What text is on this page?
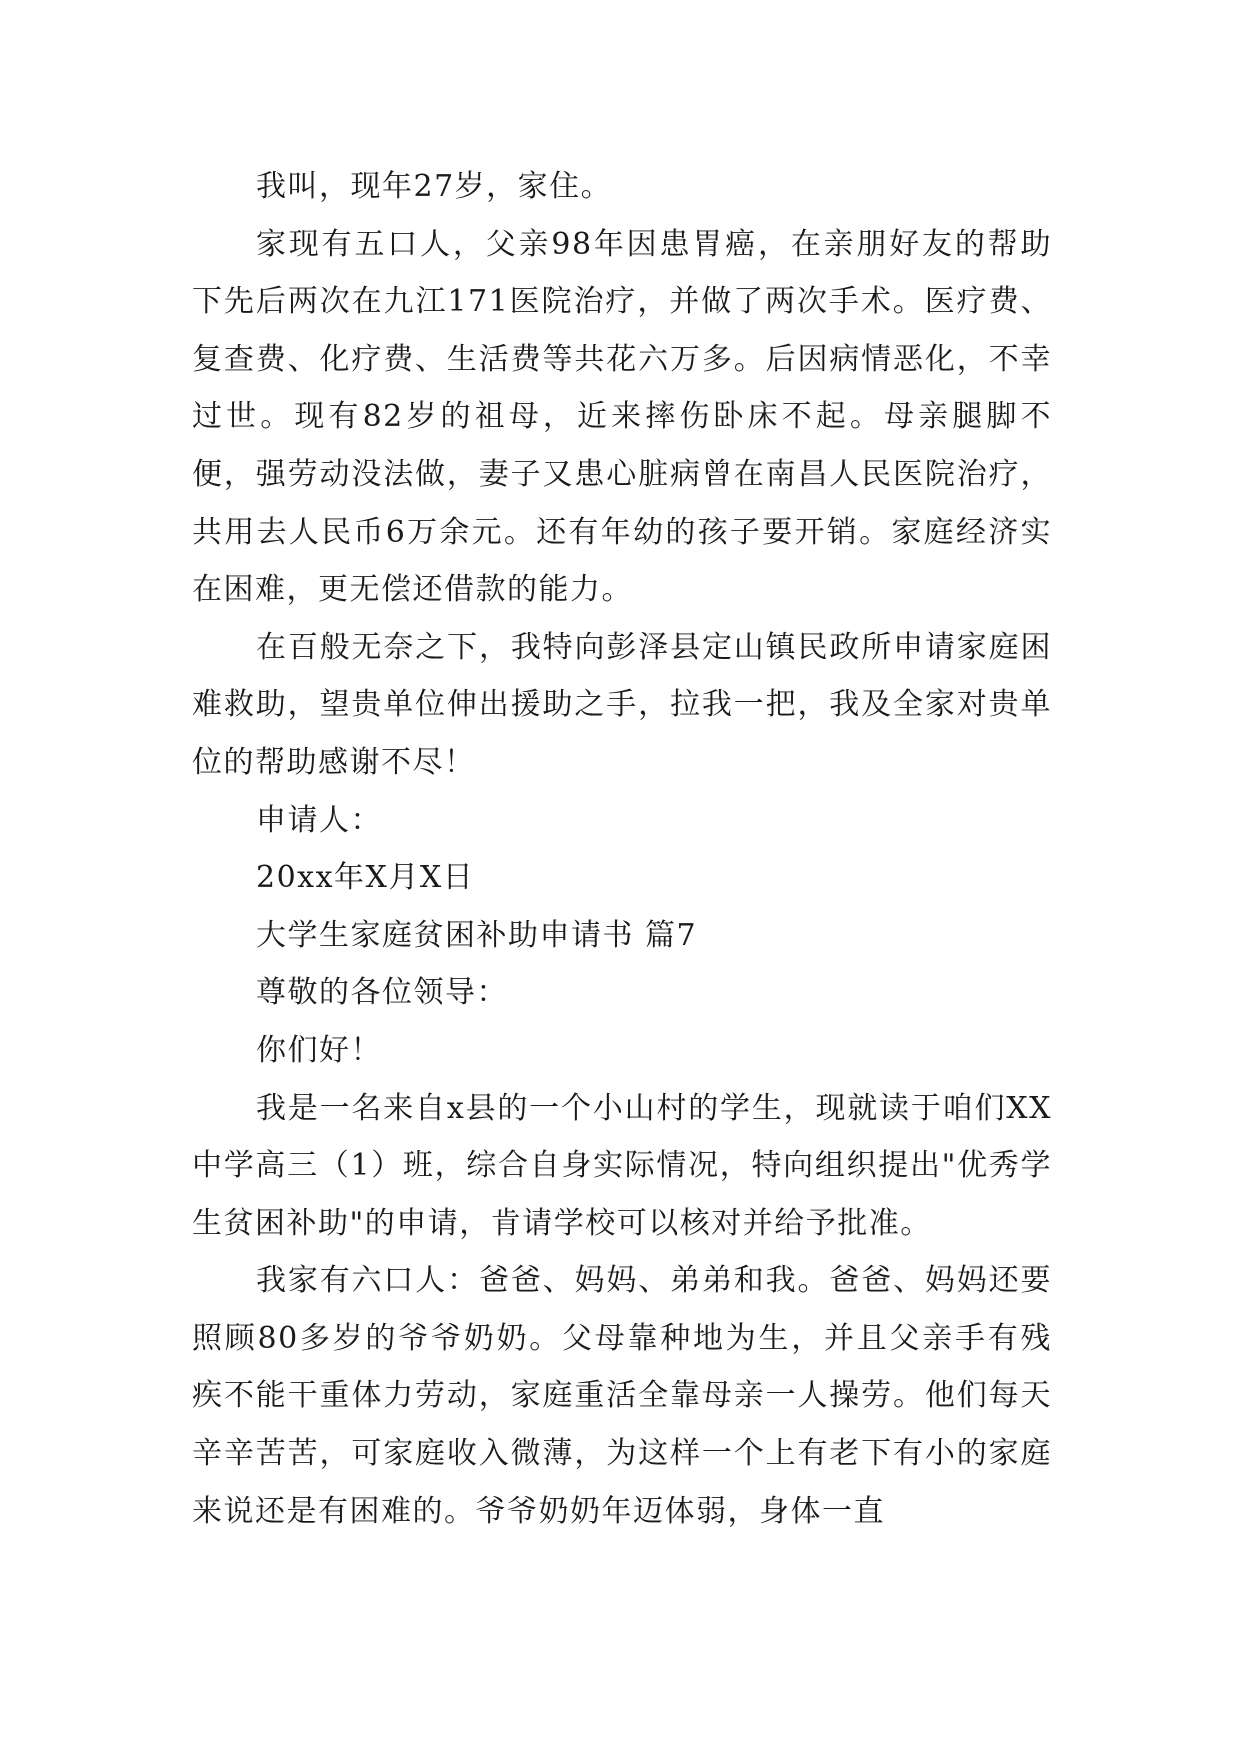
我叫，现年27岁，家住。

家现有五口人，父亲98年因患胃癌，在亲朋好友的帮助下先后两次在九江171医院治疗，并做了两次手术。医疗费、复查费、化疗费、生活费等共花六万多。后因病情恶化，不幸过世。现有82岁的祖母，近来摔伤卧床不起。母亲腿脚不便，强劳动没法做，妻子又患心脏病曾在南昌人民医院治疗，共用去人民币6万余元。还有年幼的孩子要开销。家庭经济实在困难，更无偿还借款的能力。

在百般无奈之下，我特向彭泽县定山镇民政所申请家庭困难救助，望贵单位伸出援助之手，拉我一把，我及全家对贵单位的帮助感谢不尽！

申请人：

20xx年X月X日

大学生家庭贫困补助申请书 篇7

尊敬的各位领导：

你们好！

我是一名来自x县的一个小山村的学生，现就读于咱们XX中学高三（1）班，综合自身实际情况，特向组织提出"优秀学生贫困补助"的申请，肯请学校可以核对并给予批准。

我家有六口人：爸爸、妈妈、弟弟和我。爸爸、妈妈还要照顾80多岁的爷爷奶奶。父母靠种地为生，并且父亲手有残疾不能干重体力劳动，家庭重活全靠母亲一人操劳。他们每天辛辛苦苦，可家庭收入微薄，为这样一个上有老下有小的家庭来说还是有困难的。爷爷奶奶年迈体弱，身体一直
